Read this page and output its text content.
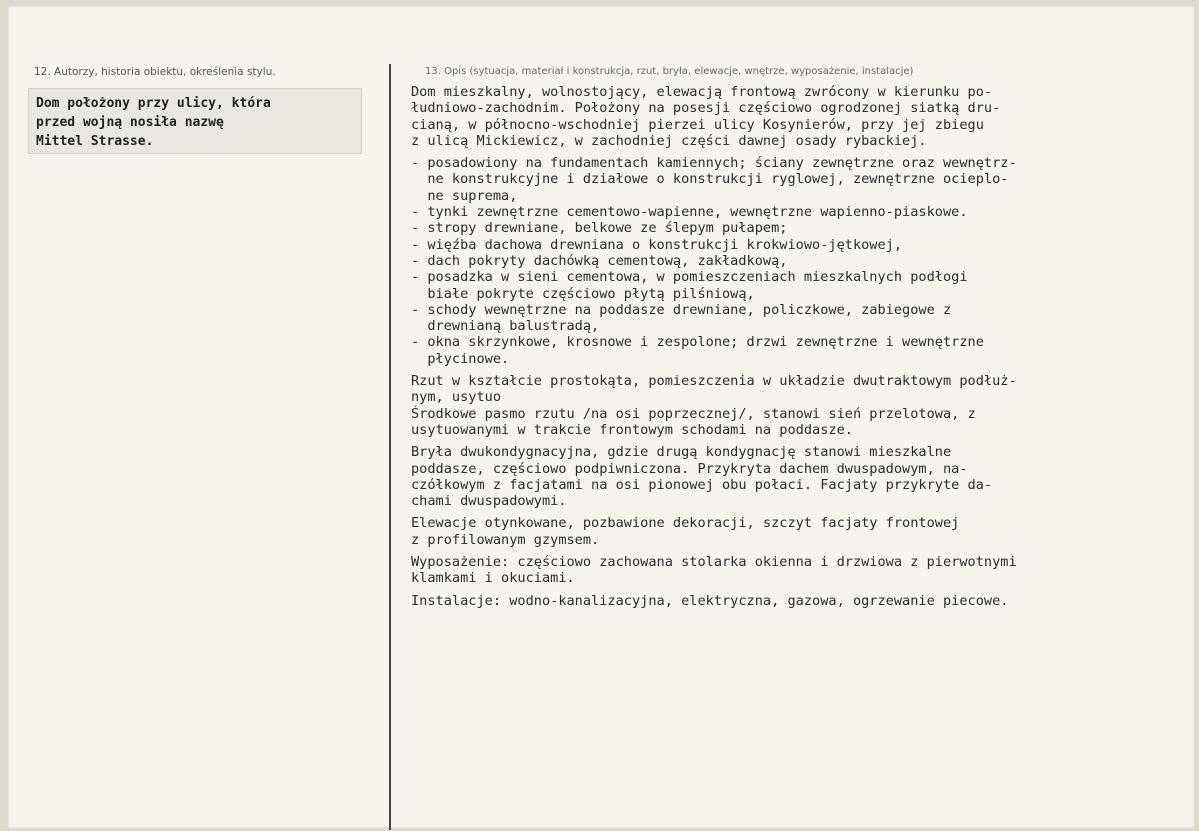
12. Autorzy, historia obiektu, określenia stylu.	13. Opis (sytuacja, materiał i konstrukcja, rzut, bryła, elewacje, wnętrze, wyposażenie, instalacje)
Dom położony przy ulicy, która
przed wojną nosiła nazwę
Mittel Strasse.
Dom mieszkalny, wolnostojący, elewacją frontową zwrócony w kierunku po-
łudniowo-zachodnim. Położony na posesji częściowo ogrodzonej siatką dru-
cianą, w północno-wschodniej pierzei ulicy Kosynierów, przy jej zbiegu
z ulicą Mickiewicz, w zachodniej części dawnej osady rybackiej.
- posadowiony na fundamentach kamiennych; ściany zewnętrzne oraz wewnętrz-
ne konstrukcyjne i działowe o konstrukcji ryglowej, zewnętrzne ocieplo-
ne suprema,
- tynki zewnętrzne cementowo-wapienne, wewnętrzne wapienno-piaskowe.
- stropy drewniane, belkowe ze ślepym pułapem;
- więźba dachowa drewniana o konstrukcji krokwiowo-jętkowej,
- dach pokryty dachówką cementową, zakładkową,
- posadzka w sieni cementowa, w pomieszczeniach mieszkalnych podłogi
białe pokryte częściowo płytą pilśniową,
- schody wewnętrzne na poddasze drewniane, policzkowe, zabiegowe z
drewnianą balustradą,
- okna skrzynkowe, krosnowe i zespolone; drzwi zewnętrzne i wewnętrzne
płycinowe.
Rzut w kształcie prostokąta, pomieszczenia w układzie dwutraktowym podłuż-
nym, usytuo
Środkowe pasmo rzutu /na osi poprzecznej/, stanowi sień przelotowa, z
usytuowanymi w trakcie frontowym schodami na poddasze.
Bryła dwukondygnacyjna, gdzie drugą kondygnację stanowi mieszkalne
poddasze, częściowo podpiwniczona. Przykryta dachem dwuspadowym, na-
czółkowym z facjatami na osi pionowej obu połaci. Facjaty przykryte da-
chami dwuspadowymi.
Elewacje otynkowane, pozbawione dekoracji, szczyt facjaty frontowej
z profilowanym gzymsem.
Wyposażenie: częściowo zachowana stolarka okienna i drzwiowa z pierwotnymi
klamkami i okuciami.
Instalacje: wodno-kanalizacyjna, elektryczna, gazowa, ogrzewanie piecowe.
